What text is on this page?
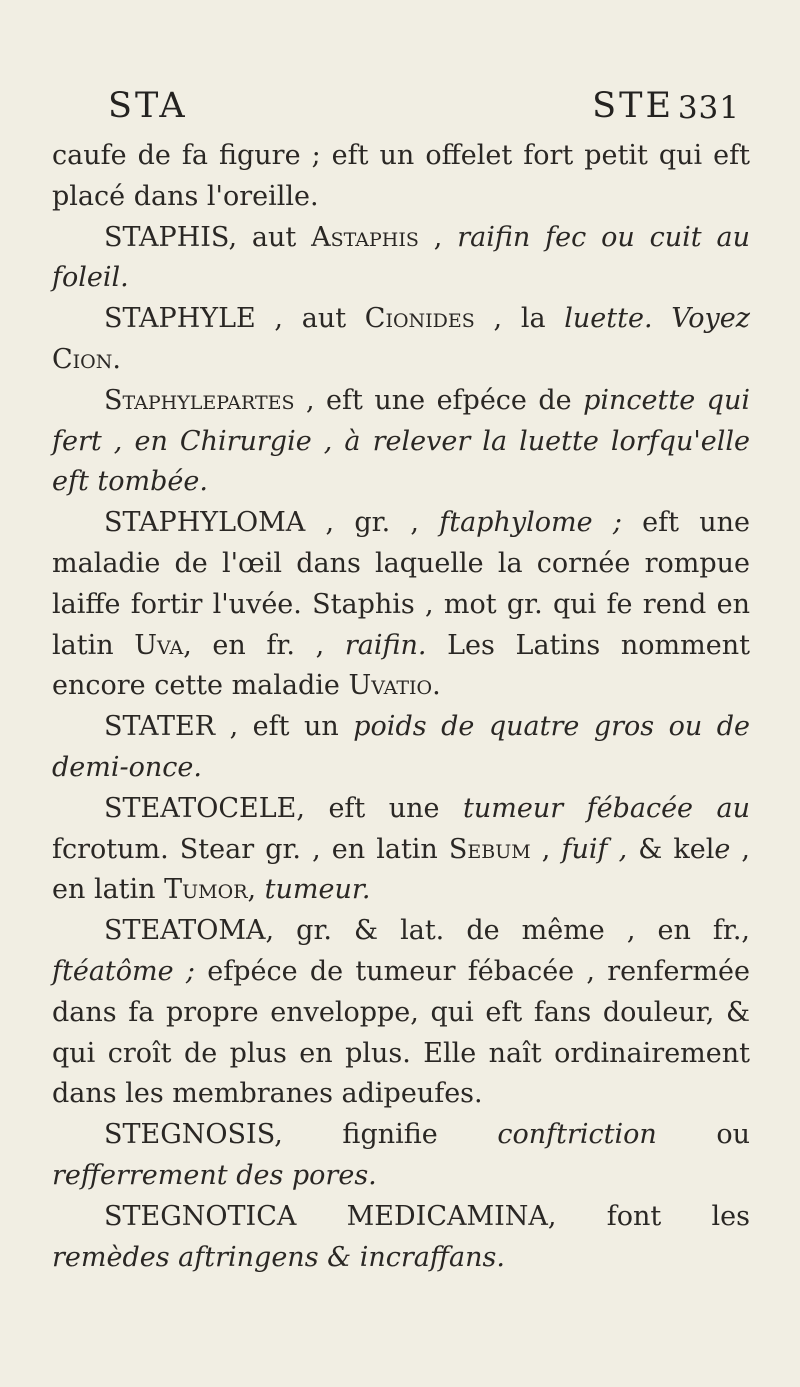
STA	STE 331

caufe de fa figure ; eft un offelet fort petit qui eft placé dans l'oreille.

STAPHIS, aut Astaphis , raifin fec ou cuit au foleil.

STAPHYLE , aut Cionides , la luette. Voyez Cion.

Staphylepartes , eft une efpéce de pincette qui fert , en Chirurgie , à relever la luette lorfqu'elle eft tombée.

STAPHYLOMA , gr. , ftaphylome ; eft une maladie de l'œil dans laquelle la cornée rompue laiffe fortir l'uvée. Staphis , mot gr. qui fe rend en latin Uva, en fr. , raifin. Les Latins nomment encore cette maladie Uvatio.

STATER , eft un poids de quatre gros ou de demi-once.

STEATOCELE, eft une tumeur fébacée au fcrotum. Stear gr. , en latin Sebum , fuif , & kele , en latin Tumor, tumeur.

STEATOMA, gr. & lat. de même , en fr., ftéatôme ; efpéce de tumeur fébacée , renfermée dans fa propre enveloppe, qui eft fans douleur, & qui croît de plus en plus. Elle naît ordinairement dans les membranes adipeufes.

STEGNOSIS, fignifie conftriction ou refferrement des pores.

STEGNOTICA MEDICAMINA, font les remèdes aftringens & incraffans.
